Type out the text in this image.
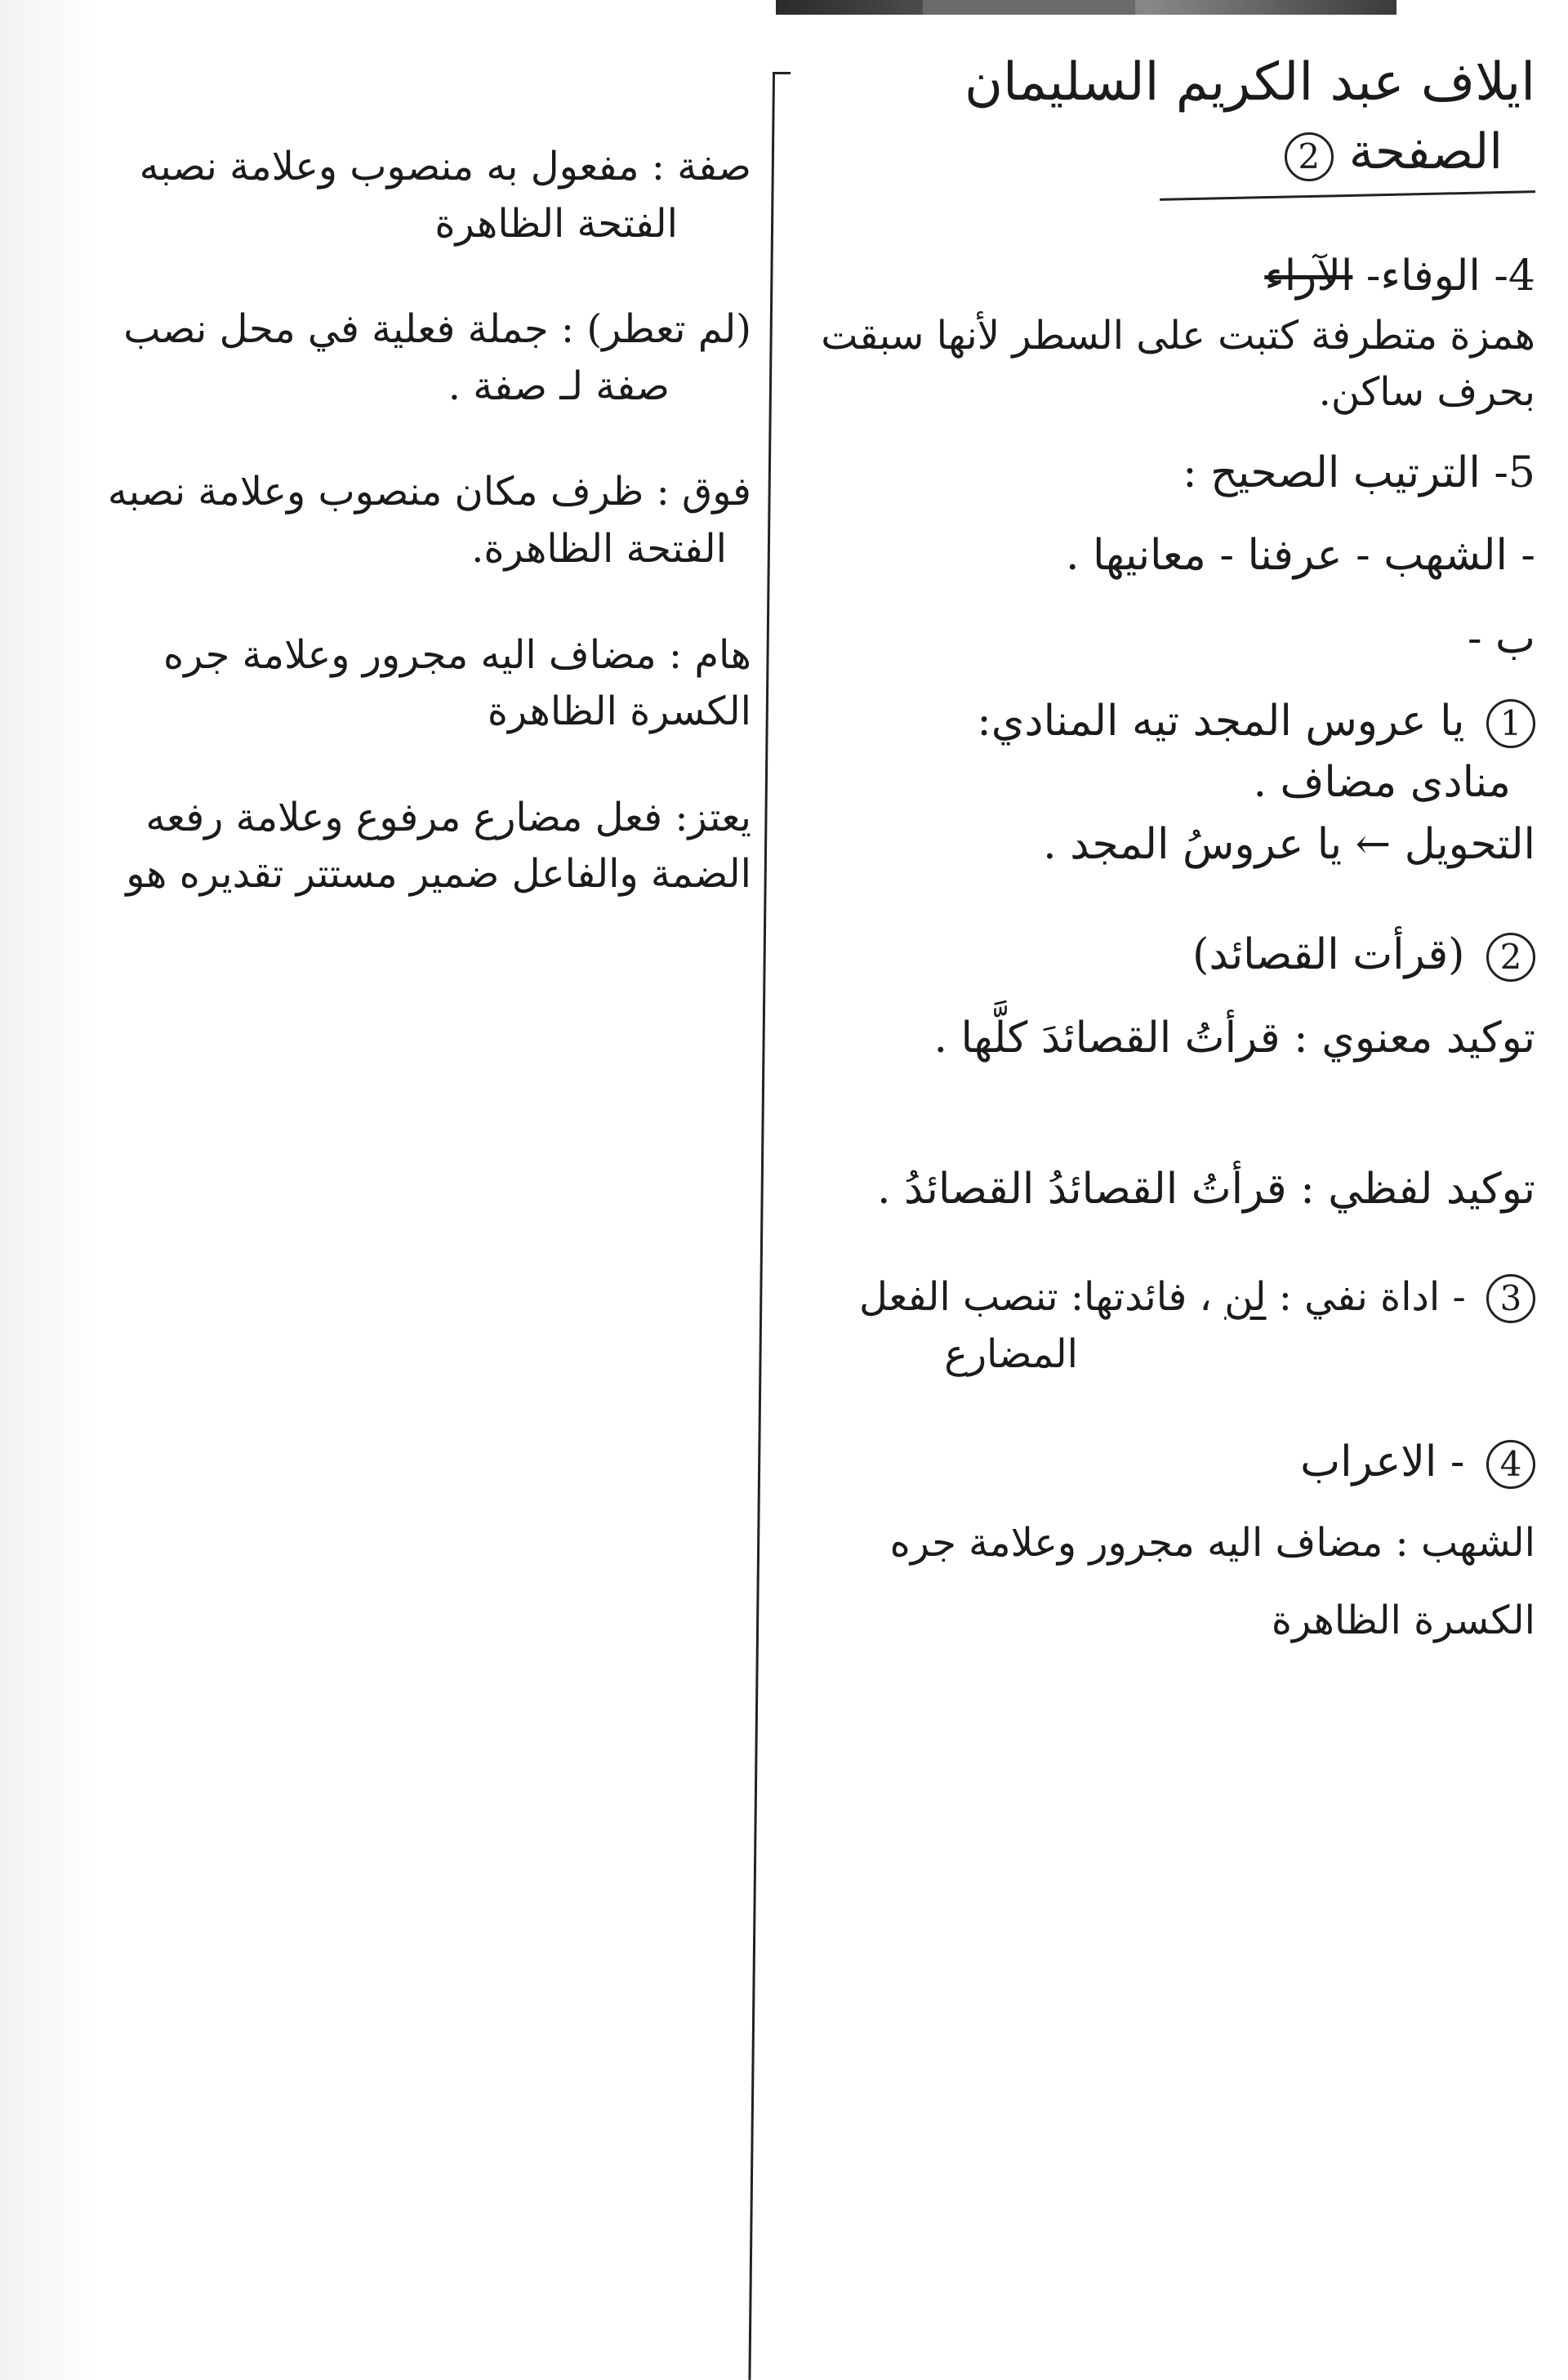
ايلاف عبد الكريم السليمان

الصفحة 2

4- الوفاء- الآراء

همزة متطرفة كتبت على السطر لأنها سبقت

بحرف ساكن.

5- الترتيب الصحيح :

- الشهب - عرفنا - معانيها .

ب -

1 يا عروس المجد تيه المنادي:

منادى مضاف .

التحويل ← يا عروسُ المجد .

2 (قرأت القصائد)

توكيد معنوي : قرأتُ القصائدَ كلَّها .

توكيد لفظي : قرأتُ القصائدُ القصائدُ .

3 - اداة نفي : لن ، فائدتها: تنصب الفعل

المضارع

4 - الاعراب

الشهب : مضاف اليه مجرور وعلامة جره

الكسرة الظاهرة

صفة : مفعول به منصوب وعلامة نصبه

الفتحة الظاهرة

(لم تعطر) : جملة فعلية في محل نصب

صفة لـ صفة .

فوق : ظرف مكان منصوب وعلامة نصبه

الفتحة الظاهرة.

هام : مضاف اليه مجرور وعلامة جره

الكسرة الظاهرة

يعتز: فعل مضارع مرفوع وعلامة رفعه

الضمة والفاعل ضمير مستتر تقديره هو
